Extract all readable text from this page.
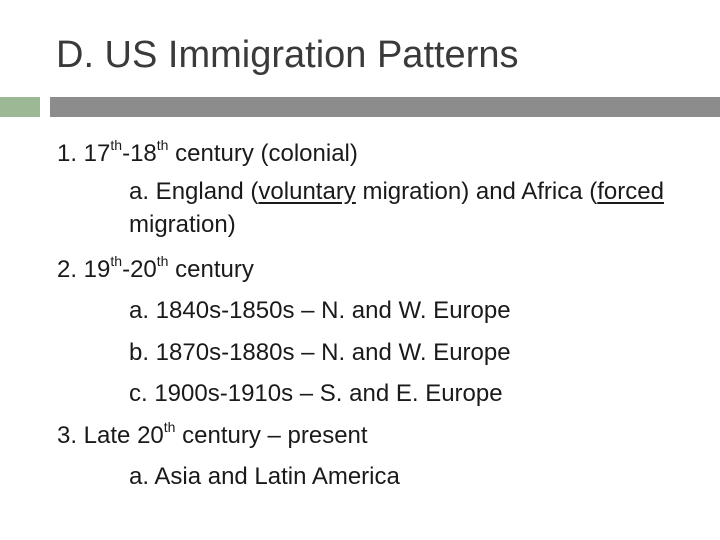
D. US Immigration Patterns
1. 17th-18th century (colonial)
a. England (voluntary migration) and Africa (forced migration)
2. 19th-20th century
a. 1840s-1850s – N. and W. Europe
b. 1870s-1880s – N. and W. Europe
c. 1900s-1910s – S. and E. Europe
3. Late 20th century – present
a. Asia and Latin America
